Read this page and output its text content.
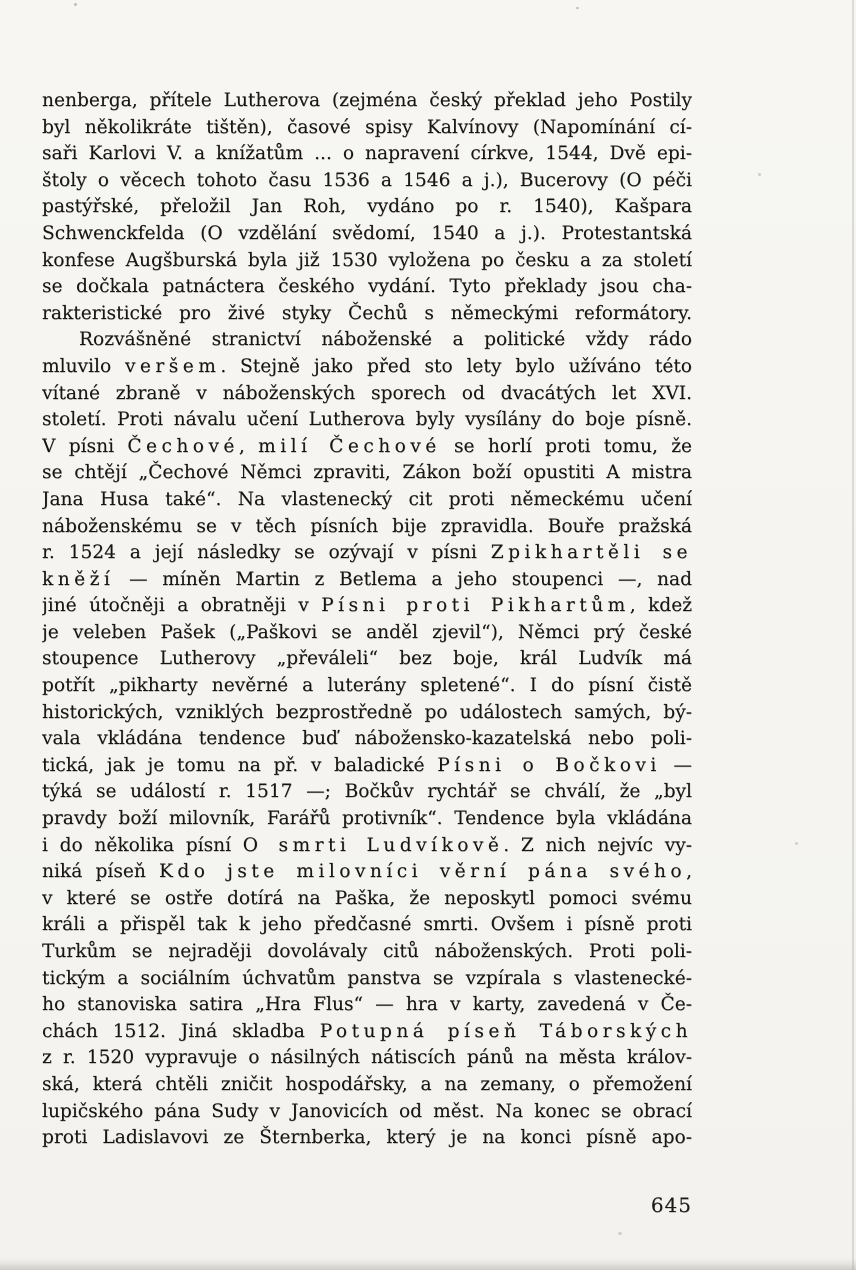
nenberga, přítele Lutherova (zejména český překlad jeho Postily
byl několikráte tištěn), časové spisy Kalvínovy (Napomínání cí-
saři Karlovi V. a knížatům ... o napravení církve, 1544, Dvě epi-
štoly o věcech tohoto času 1536 a 1546 a j.), Bucerovy (O péči
pastýřské, přeložil Jan Roh, vydáno po r. 1540), Kašpara
Schwenckfelda (O vzdělání svědomí, 1540 a j.). Protestantská
konfese Augšburská byla již 1530 vyložena po česku a za století
se dočkala patnáctera českého vydání. Tyto překlady jsou cha-
rakteristické pro živé styky Čechů s německými reformátory.
Rozvášněné stranictví náboženské a politické vždy rádo
mluvilo veršem. Stejně jako před sto lety bylo užíváno této
vítané zbraně v náboženských sporech od dvacátých let XVI.
století. Proti návalu učení Lutherova byly vysílány do boje písně.
V písni Čechové, milí Čechové se horlí proti tomu, že
se chtějí „Čechové Němci zpraviti, Zákon boží opustiti A mistra
Jana Husa také“. Na vlastenecký cit proti německému učení
náboženskému se v těch písních bije zpravidla. Bouře pražská
r. 1524 a její následky se ozývají v písni Zpikhartěli se
kněží — míněn Martin z Betlema a jeho stoupenci —, nad
jiné útočněji a obratněji v Písni proti Pikhartům, kdež
je veleben Pašek („Paškovi se anděl zjevil“), Němci prý české
stoupence Lutherovy „převáleli“ bez boje, král Ludvík má
potřít „pikharty nevěrné a luterány spletené“. I do písní čistě
historických, vzniklých bezprostředně po událostech samých, bý-
vala vkládána tendence buď nábožensko-kazatelská nebo poli-
tická, jak je tomu na př. v baladické Písni o Bočkovi —
týká se událostí r. 1517 —; Bočkův rychtář se chválí, že „byl
pravdy boží milovník, Farářů protivník“. Tendence byla vkládána
i do několika písní O smrti Ludvíkově. Z nich nejvíc vy-
niká píseň Kdo jste milovníci věrní pána svého,
v které se ostře dotírá na Paška, že neposkytl pomoci svému
králi a přispěl tak k jeho předčasné smrti. Ovšem i písně proti
Turkům se nejraději dovolávaly citů náboženských. Proti poli-
tickým a sociálním úchvatům panstva se vzpírala s vlastenecké-
ho stanoviska satira „Hra Flus“ — hra v karty, zavedená v Če-
chách 1512. Jiná skladba Potupná píseň Táborských
z r. 1520 vypravuje o násilných nátiscích pánů na města králov-
ská, která chtěli zničit hospodářsky, a na zemany, o přemožení
lupičského pána Sudy v Janovicích od měst. Na konec se obrací
proti Ladislavovi ze Šternberka, který je na konci písně apo-
645
